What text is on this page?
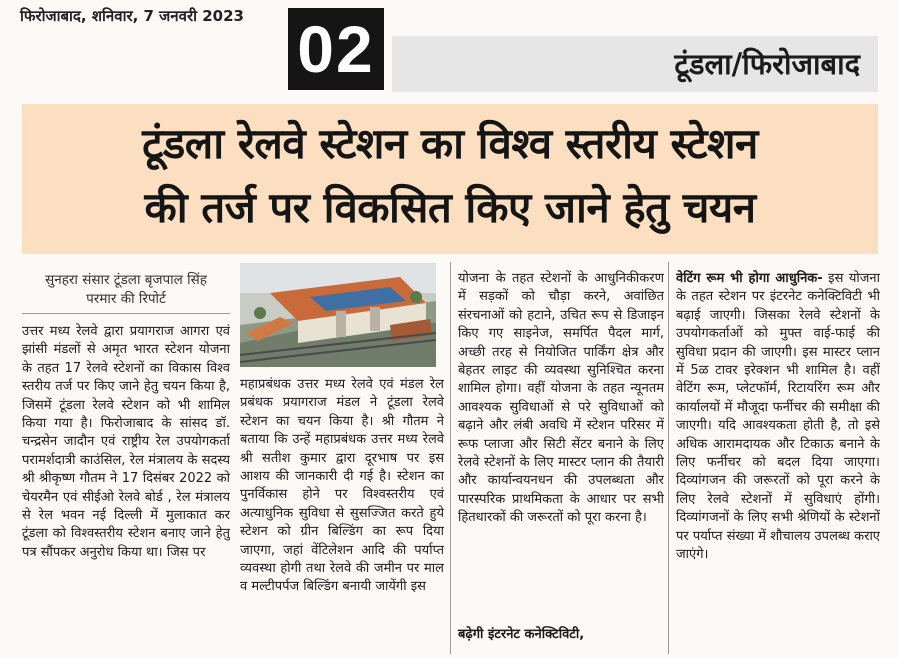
फिरोजाबाद, शनिवार, 7 जनवरी 2023 02	टूंडला/फिरोजाबाद
टूंडला रेलवे स्टेशन का विश्व स्तरीय स्टेशन
की तर्ज पर विकसित किए जाने हेतु चयन
सुनहरा संसार टूंडला बृजपाल सिंह
परमार की रिपोर्ट

उत्तर मध्य रेलवे द्वारा प्रयागराज आगरा एवं झांसी मंडलों से अमृत भारत स्टेशन योजना के तहत 17 रेलवे स्टेशनों का विकास विश्व स्तरीय तर्ज पर किए जाने हेतु चयन किया है, जिसमें टूंडला रेलवे स्टेशन को भी शामिल किया गया है। फिरोजाबाद के सांसद डॉ. चन्द्रसेन जादौन एवं राष्ट्रीय रेल उपयोगकर्ता परामर्शदात्री काउंसिल, रेल मंत्रालय के सदस्य श्री श्रीकृष्ण गौतम ने 17 दिसंबर 2022 को चेयरमैन एवं सीईओ रेलवे बोर्ड , रेल मंत्रालय से रेल भवन नई दिल्ली में मुलाकात कर टूंडला को विश्वस्तरीय स्टेशन बनाए जाने हेतु पत्र सौंपकर अनुरोध किया था। जिस पर

महाप्रबंधक उत्तर मध्य रेलवे एवं मंडल रेल प्रबंधक प्रयागराज मंडल ने टूंडला रेलवे स्टेशन का चयन किया है। श्री गौतम ने बताया कि उन्हें महाप्रबंधक उत्तर मध्य रेलवे श्री सतीश कुमार द्वारा दूरभाष पर इस आशय की जानकारी दी गई है। स्टेशन का पुनर्विकास होने पर विश्वस्तरीय एवं अत्याधुनिक सुविधा से सुसज्जित करते हुये स्टेशन को ग्रीन बिल्डिंग का रूप दिया जाएगा, जहां वेंटिलेशन आदि की पर्याप्त व्यवस्था होगी तथा रेलवे की जमीन पर माल व मल्टीपर्पज बिल्डिंग बनायी जायेंगी इस

योजना के तहत स्टेशनों के आधुनिकीकरण में सड़कों को चौड़ा करने, अवांछित संरचनाओं को हटाने, उचित रूप से डिजाइन किए गए साइनेज, समर्पित पैदल मार्ग, अच्छी तरह से नियोजित पार्किंग क्षेत्र और बेहतर लाइट की व्यवस्था सुनिश्चित करना शामिल होगा। वहीं योजना के तहत न्यूनतम आवश्यक सुविधाओं से परे सुविधाओं को बढ़ाने और लंबी अवधि में स्टेशन परिसर में रूफ प्लाजा और सिटी सेंटर बनाने के लिए रेलवे स्टेशनों के लिए मास्टर प्लान की तैयारी और कार्यान्वयनधन की उपलब्धता और पारस्परिक प्राथमिकता के आधार पर सभी हितधारकों की जरूरतों को पूरा करना है।

बढ़ेगी इंटरनेट कनेक्टिविटी,

वेटिंग रूम भी होगा आधुनिक- इस योजना के तहत स्टेशन पर इंटरनेट कनेक्टिविटी भी बढ़ाई जाएगी। जिसका रेलवे स्टेशनों के उपयोगकर्ताओं को मुफ्त वाई-फाई की सुविधा प्रदान की जाएगी। इस मास्टर प्लान में 5ळ टावर इरेक्शन भी शामिल है। वहीं वेटिंग रूम, प्लेटफॉर्म, रिटायरिंग रूम और कार्यालयों में मौजूदा फर्नीचर की समीक्षा की जाएगी। यदि आवश्यकता होती है, तो इसे अधिक आरामदायक और टिकाऊ बनाने के लिए फर्नीचर को बदल दिया जाएगा। दिव्यांगजन की जरूरतों को पूरा करने के लिए रेलवे स्टेशनों में सुविधाएं होंगी। दिव्यांगजनों के लिए सभी श्रेणियों के स्टेशनों पर पर्याप्त संख्या में शौचालय उपलब्ध कराए जाएंगे।
